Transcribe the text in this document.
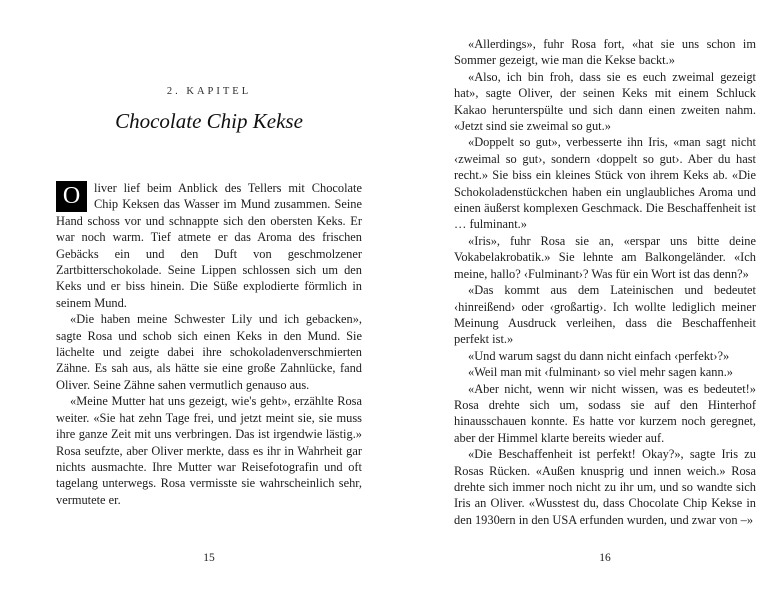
2. KAPITEL
Chocolate Chip Kekse

O	liver lief beim Anblick des Tellers mit Chocolate Chip Keksen das Wasser im Mund zusammen. Seine Hand schoss vor und schnappte sich den obersten Keks. Er war noch warm. Tief atmete er das Aroma des frischen Gebäcks ein und den Duft von geschmolzener Zartbitterschokolade. Seine Lippen schlossen sich um den Keks und er biss hinein. Die Süße explodierte förmlich in seinem Mund.

«Die haben meine Schwester Lily und ich gebacken», sagte Rosa und schob sich einen Keks in den Mund. Sie lächelte und zeigte dabei ihre schokoladenverschmierten Zähne. Es sah aus, als hätte sie eine große Zahnlücke, fand Oliver. Seine Zähne sahen vermutlich genauso aus.

«Meine Mutter hat uns gezeigt, wie's geht», erzählte Rosa weiter. «Sie hat zehn Tage frei, und jetzt meint sie, sie muss ihre ganze Zeit mit uns verbringen. Das ist irgendwie lästig.» Rosa seufzte, aber Oliver merkte, dass es ihr in Wahrheit gar nichts ausmachte. Ihre Mutter war Reisefotografin und oft tagelang unterwegs. Rosa vermisste sie wahrscheinlich sehr, vermutete er.

15

«Allerdings», fuhr Rosa fort, «hat sie uns schon im Sommer gezeigt, wie man die Kekse backt.»

«Also, ich bin froh, dass sie es euch zweimal gezeigt hat», sagte Oliver, der seinen Keks mit einem Schluck Kakao herunterspülte und sich dann einen zweiten nahm. «Jetzt sind sie zweimal so gut.»

«Doppelt so gut», verbesserte ihn Iris, «man sagt nicht ‹zweimal so gut›, sondern ‹doppelt so gut›. Aber du hast recht.» Sie biss ein kleines Stück von ihrem Keks ab. «Die Schokoladenstückchen haben ein unglaubliches Aroma und einen äußerst komplexen Geschmack. Die Beschaffenheit ist … fulminant.»

«Iris», fuhr Rosa sie an, «erspar uns bitte deine Vokabelakrobatik.» Sie lehnte am Balkongeländer. «Ich meine, hallo? ‹Fulminant›? Was für ein Wort ist das denn?»

«Das kommt aus dem Lateinischen und bedeutet ‹hinreißend› oder ‹großartig›. Ich wollte lediglich meiner Meinung Ausdruck verleihen, dass die Beschaffenheit perfekt ist.»

«Und warum sagst du dann nicht einfach ‹perfekt›?»

«Weil man mit ‹fulminant› so viel mehr sagen kann.»

«Aber nicht, wenn wir nicht wissen, was es bedeutet!» Rosa drehte sich um, sodass sie auf den Hinterhof hinausschauen konnte. Es hatte vor kurzem noch geregnet, aber der Himmel klarte bereits wieder auf.

«Die Beschaffenheit ist perfekt! Okay?», sagte Iris zu Rosas Rücken. «Außen knusprig und innen weich.» Rosa drehte sich immer noch nicht zu ihr um, und so wandte sich Iris an Oliver. «Wusstest du, dass Chocolate Chip Kekse in den 1930ern in den USA erfunden wurden, und zwar von –»

16
